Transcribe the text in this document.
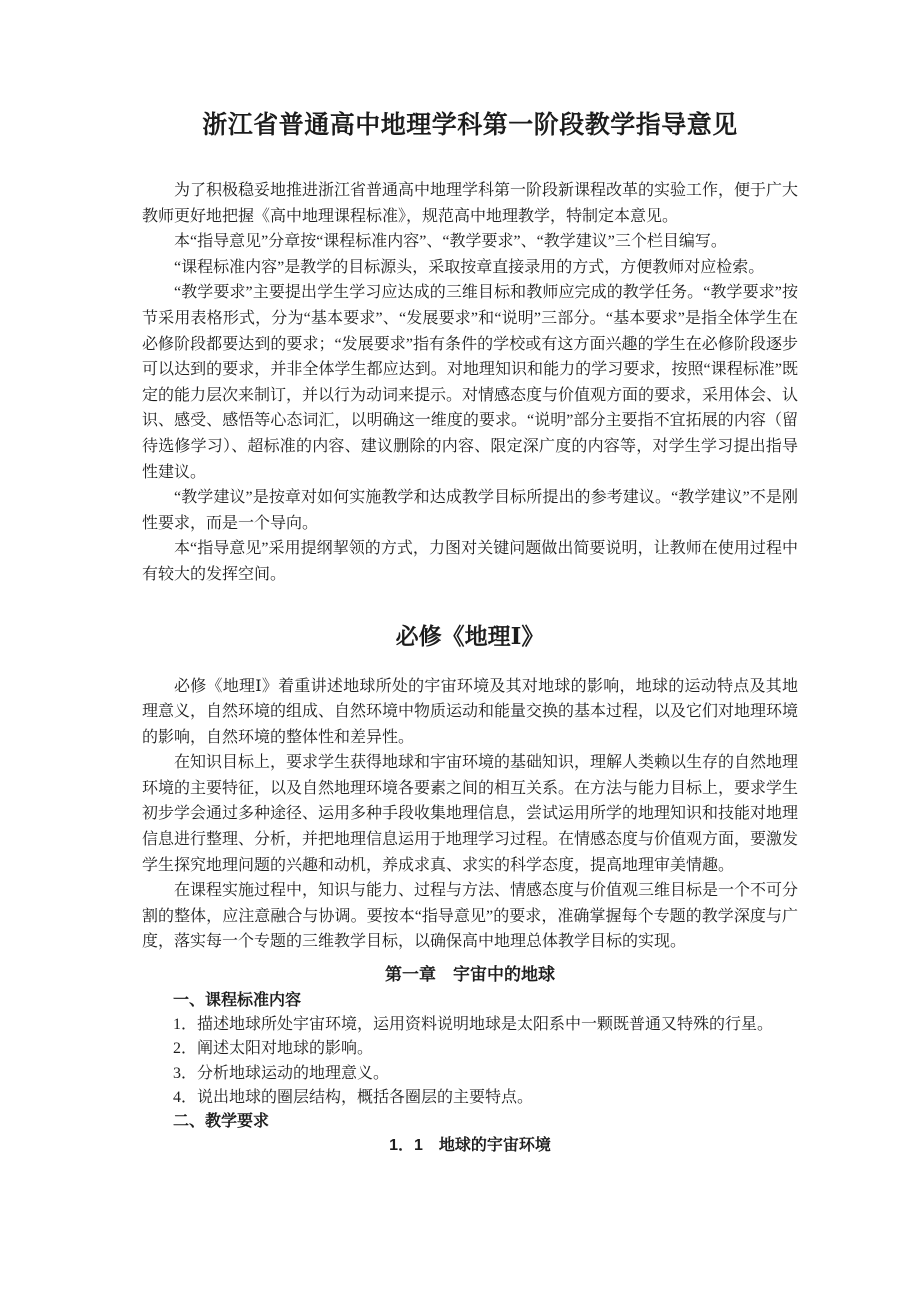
浙江省普通高中地理学科第一阶段教学指导意见

为了积极稳妥地推进浙江省普通高中地理学科第一阶段新课程改革的实验工作，便于广大教师更好地把握《高中地理课程标准》，规范高中地理教学，特制定本意见。

本“指导意见”分章按“课程标准内容”、“教学要求”、“教学建议”三个栏目编写。

“课程标准内容”是教学的目标源头，采取按章直接录用的方式，方便教师对应检索。

“教学要求”主要提出学生学习应达成的三维目标和教师应完成的教学任务。“教学要求”按节采用表格形式，分为“基本要求”、“发展要求”和“说明”三部分。“基本要求”是指全体学生在必修阶段都要达到的要求；“发展要求”指有条件的学校或有这方面兴趣的学生在必修阶段逐步可以达到的要求，并非全体学生都应达到。对地理知识和能力的学习要求，按照“课程标准”既定的能力层次来制订，并以行为动词来提示。对情感态度与价值观方面的要求，采用体会、认识、感受、感悟等心态词汇，以明确这一维度的要求。“说明”部分主要指不宜拓展的内容（留待选修学习）、超标准的内容、建议删除的内容、限定深广度的内容等，对学生学习提出指导性建议。

“教学建议”是按章对如何实施教学和达成教学目标所提出的参考建议。“教学建议”不是刚性要求，而是一个导向。

本“指导意见”采用提纲挈领的方式，力图对关键问题做出简要说明，让教师在使用过程中有较大的发挥空间。

必修《地理Ⅰ》

必修《地理Ⅰ》着重讲述地球所处的宇宙环境及其对地球的影响，地球的运动特点及其地理意义，自然环境的组成、自然环境中物质运动和能量交换的基本过程，以及它们对地理环境的影响，自然环境的整体性和差异性。

在知识目标上，要求学生获得地球和宇宙环境的基础知识，理解人类赖以生存的自然地理环境的主要特征，以及自然地理环境各要素之间的相互关系。在方法与能力目标上，要求学生初步学会通过多种途径、运用多种手段收集地理信息，尝试运用所学的地理知识和技能对地理信息进行整理、分析，并把地理信息运用于地理学习过程。在情感态度与价值观方面，要激发学生探究地理问题的兴趣和动机，养成求真、求实的科学态度，提高地理审美情趣。

在课程实施过程中，知识与能力、过程与方法、情感态度与价值观三维目标是一个不可分割的整体，应注意融合与协调。要按本“指导意见”的要求，准确掌握每个专题的教学深度与广度，落实每一个专题的三维教学目标，以确保高中地理总体教学目标的实现。

第一章　宇宙中的地球

一、课程标准内容

1．描述地球所处宇宙环境，运用资料说明地球是太阳系中一颗既普通又特殊的行星。

2．阐述太阳对地球的影响。

3．分析地球运动的地理意义。

4．说出地球的圈层结构，概括各圈层的主要特点。

二、教学要求

1．1　地球的宇宙环境
